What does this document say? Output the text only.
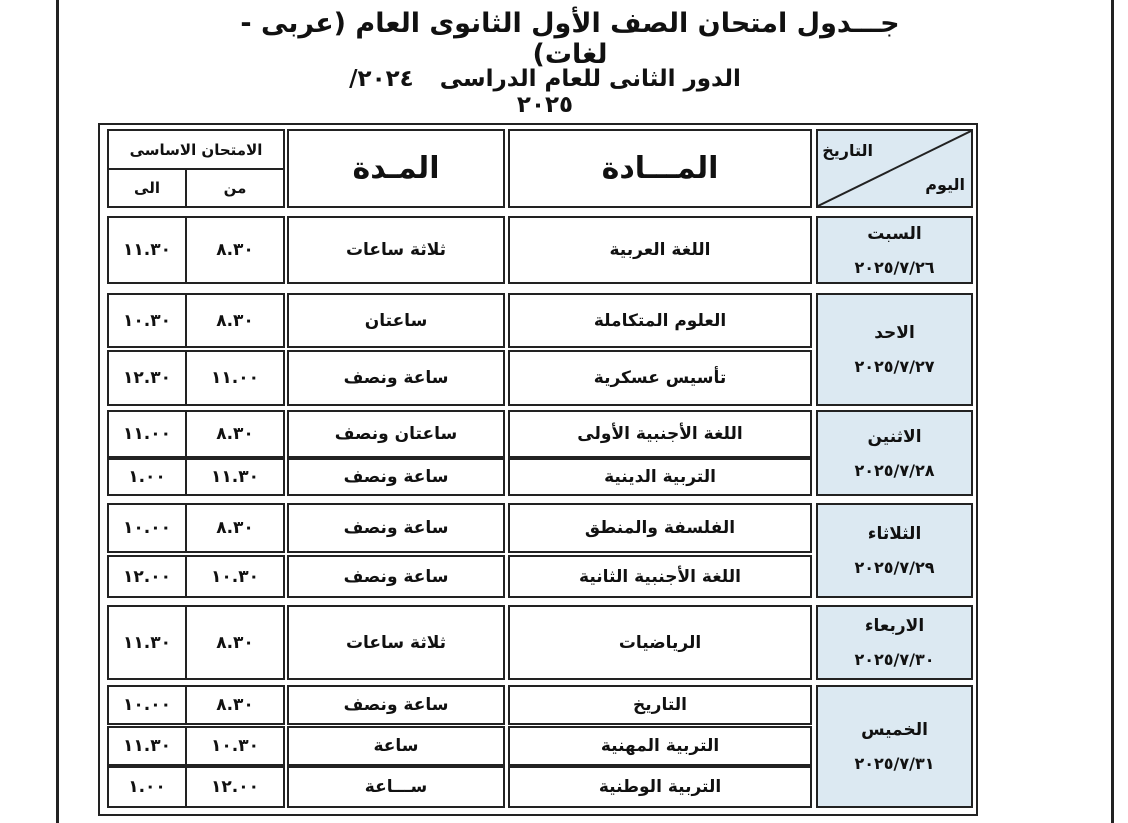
جـــدول امتحان الصف الأول الثانوى العام (عربى - لغات)
الدور الثانى للعام الدراسى ٢٠٢٤/ ٢٠٢٥
التاريخ
اليوم
المـــادة
المـدة
الامتحان الاساسى
من
الى
السبت
٢٠٢٥/٧/٢٦
اللغة العربية
ثلاثة ساعات
٨.٣٠
١١.٣٠
الاحد
٢٠٢٥/٧/٢٧
العلوم المتكاملة
ساعتان
٨.٣٠
١٠.٣٠
تأسيس عسكرية
ساعة ونصف
١١.٠٠
١٢.٣٠
الاثنين
٢٠٢٥/٧/٢٨
اللغة الأجنبية الأولى
ساعتان ونصف
٨.٣٠
١١.٠٠
التربية الدينية
ساعة ونصف
١١.٣٠
١.٠٠
الثلاثاء
٢٠٢٥/٧/٢٩
الفلسفة والمنطق
ساعة ونصف
٨.٣٠
١٠.٠٠
اللغة الأجنبية الثانية
ساعة ونصف
١٠.٣٠
١٢.٠٠
الاربعاء
٢٠٢٥/٧/٣٠
الرياضيات
ثلاثة ساعات
٨.٣٠
١١.٣٠
الخميس
٢٠٢٥/٧/٣١
التاريخ
ساعة ونصف
٨.٣٠
١٠.٠٠
التربية المهنية
ساعة
١٠.٣٠
١١.٣٠
التربية الوطنية
ســـاعة
١٢.٠٠
١.٠٠
